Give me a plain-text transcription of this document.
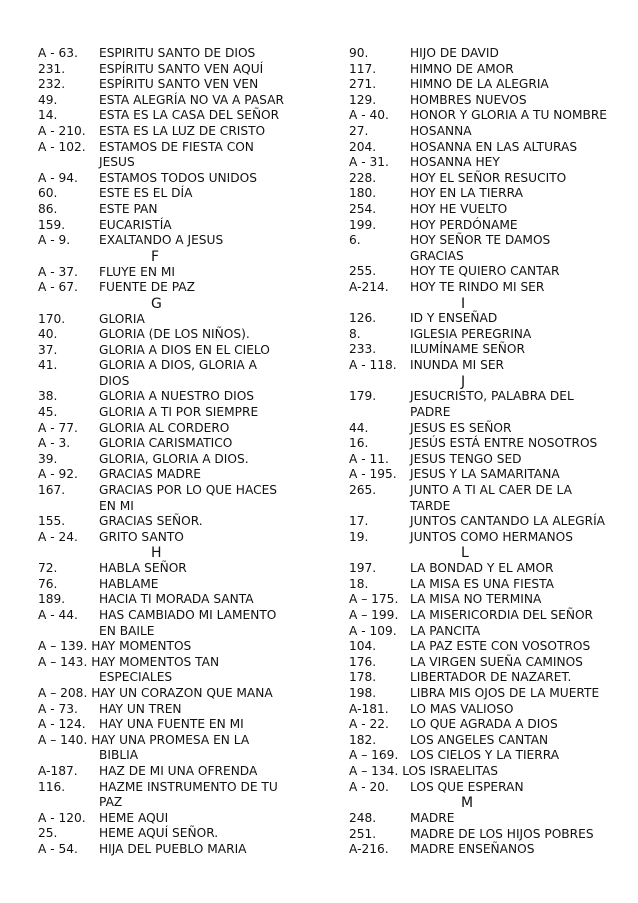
A - 63.	ESPIRITU SANTO DE DIOS
231.	ESPÍRITU SANTO VEN AQUÍ
232.	ESPÍRITU SANTO VEN VEN
49.	ESTA ALEGRÍA NO VA A PASAR
14.	ESTA ES LA CASA DEL SEÑOR
A - 210.	ESTA ES LA LUZ DE CRISTO
A - 102.	ESTAMOS DE FIESTA CON
JESUS
A - 94.	ESTAMOS TODOS UNIDOS
60.	ESTE ES EL DÍA
86.	ESTE PAN
159.	EUCARISTÍA
A - 9.	EXALTANDO A JESUS
F
A - 37.	FLUYE EN MI
A - 67.	FUENTE DE PAZ
G
170.	GLORIA
40.	GLORIA (DE LOS NIÑOS).
37.	GLORIA A DIOS EN EL CIELO
41.	GLORIA A DIOS, GLORIA A
DIOS
38.	GLORIA A NUESTRO DIOS
45.	GLORIA A TI POR SIEMPRE
A - 77.	GLORIA AL CORDERO
A - 3.	GLORIA CARISMATICO
39.	GLORIA, GLORIA A DIOS.
A - 92.	GRACIAS MADRE
167.	GRACIAS POR LO QUE HACES
EN MI
155.	GRACIAS SEÑOR.
A - 24.	GRITO SANTO
H
72.	HABLA SEÑOR
76.	HABLAME
189.	HACIA TI MORADA SANTA
A - 44.	HAS CAMBIADO MI LAMENTO
EN BAILE
A – 139. HAY MOMENTOS

A – 143. HAY MOMENTOS TAN

ESPECIALES
A – 208. HAY UN CORAZON QUE MANA

A - 73.	HAY UN TREN
A - 124.	HAY UNA FUENTE EN MI
A – 140. HAY UNA PROMESA EN LA

BIBLIA
A-187.	HAZ DE MI UNA OFRENDA
116.	HAZME INSTRUMENTO DE TU
PAZ
A - 120.	HEME AQUI
25.	HEME AQUÍ SEÑOR.
A - 54.	HIJA DEL PUEBLO MARIA
90.	HIJO DE DAVID
117.	HIMNO DE AMOR
271.	HIMNO DE LA ALEGRIA
129.	HOMBRES NUEVOS
A - 40.	HONOR Y GLORIA A TU NOMBRE
27.	HOSANNA
204.	HOSANNA EN LAS ALTURAS
A - 31.	HOSANNA HEY
228.	HOY EL SEÑOR RESUCITO
180.	HOY EN LA TIERRA
254.	HOY HE VUELTO
199.	HOY PERDÓNAME
6.	HOY SEÑOR TE DAMOS
GRACIAS
255.	HOY TE QUIERO CANTAR
A-214.	HOY TE RINDO MI SER
I
126.	ID Y ENSEÑAD
8.	IGLESIA PEREGRINA
233.	ILUMÍNAME SEÑOR
A - 118.	INUNDA MI SER
J
179.	JESUCRISTO, PALABRA DEL
PADRE
44.	JESUS ES SEÑOR
16.	JESÚS ESTÁ ENTRE NOSOTROS
A - 11.	JESUS TENGO SED
A - 195.	JESUS Y LA SAMARITANA
265.	JUNTO A TI AL CAER DE LA
TARDE
17.	JUNTOS CANTANDO LA ALEGRÍA
19.	JUNTOS COMO HERMANOS
L
197.	LA BONDAD Y EL AMOR
18.	LA MISA ES UNA FIESTA
A – 175. LA MISA NO TERMINA
A – 199. LA MISERICORDIA DEL SEÑOR
A - 109.	LA PANCITA
104.	LA PAZ ESTE CON VOSOTROS
176.	LA VIRGEN SUEÑA CAMINOS
178.	LIBERTADOR DE NAZARET.
198.	LIBRA MIS OJOS DE LA MUERTE
A-181.	LO MAS VALIOSO
A - 22.	LO QUE AGRADA A DIOS
182.	LOS ANGELES CANTAN
A – 169. LOS CIELOS Y LA TIERRA
A – 134. LOS ISRAELITAS

A - 20.	LOS QUE ESPERAN
M
248.	MADRE
251.	MADRE DE LOS HIJOS POBRES
A-216.	MADRE ENSEÑANOS
